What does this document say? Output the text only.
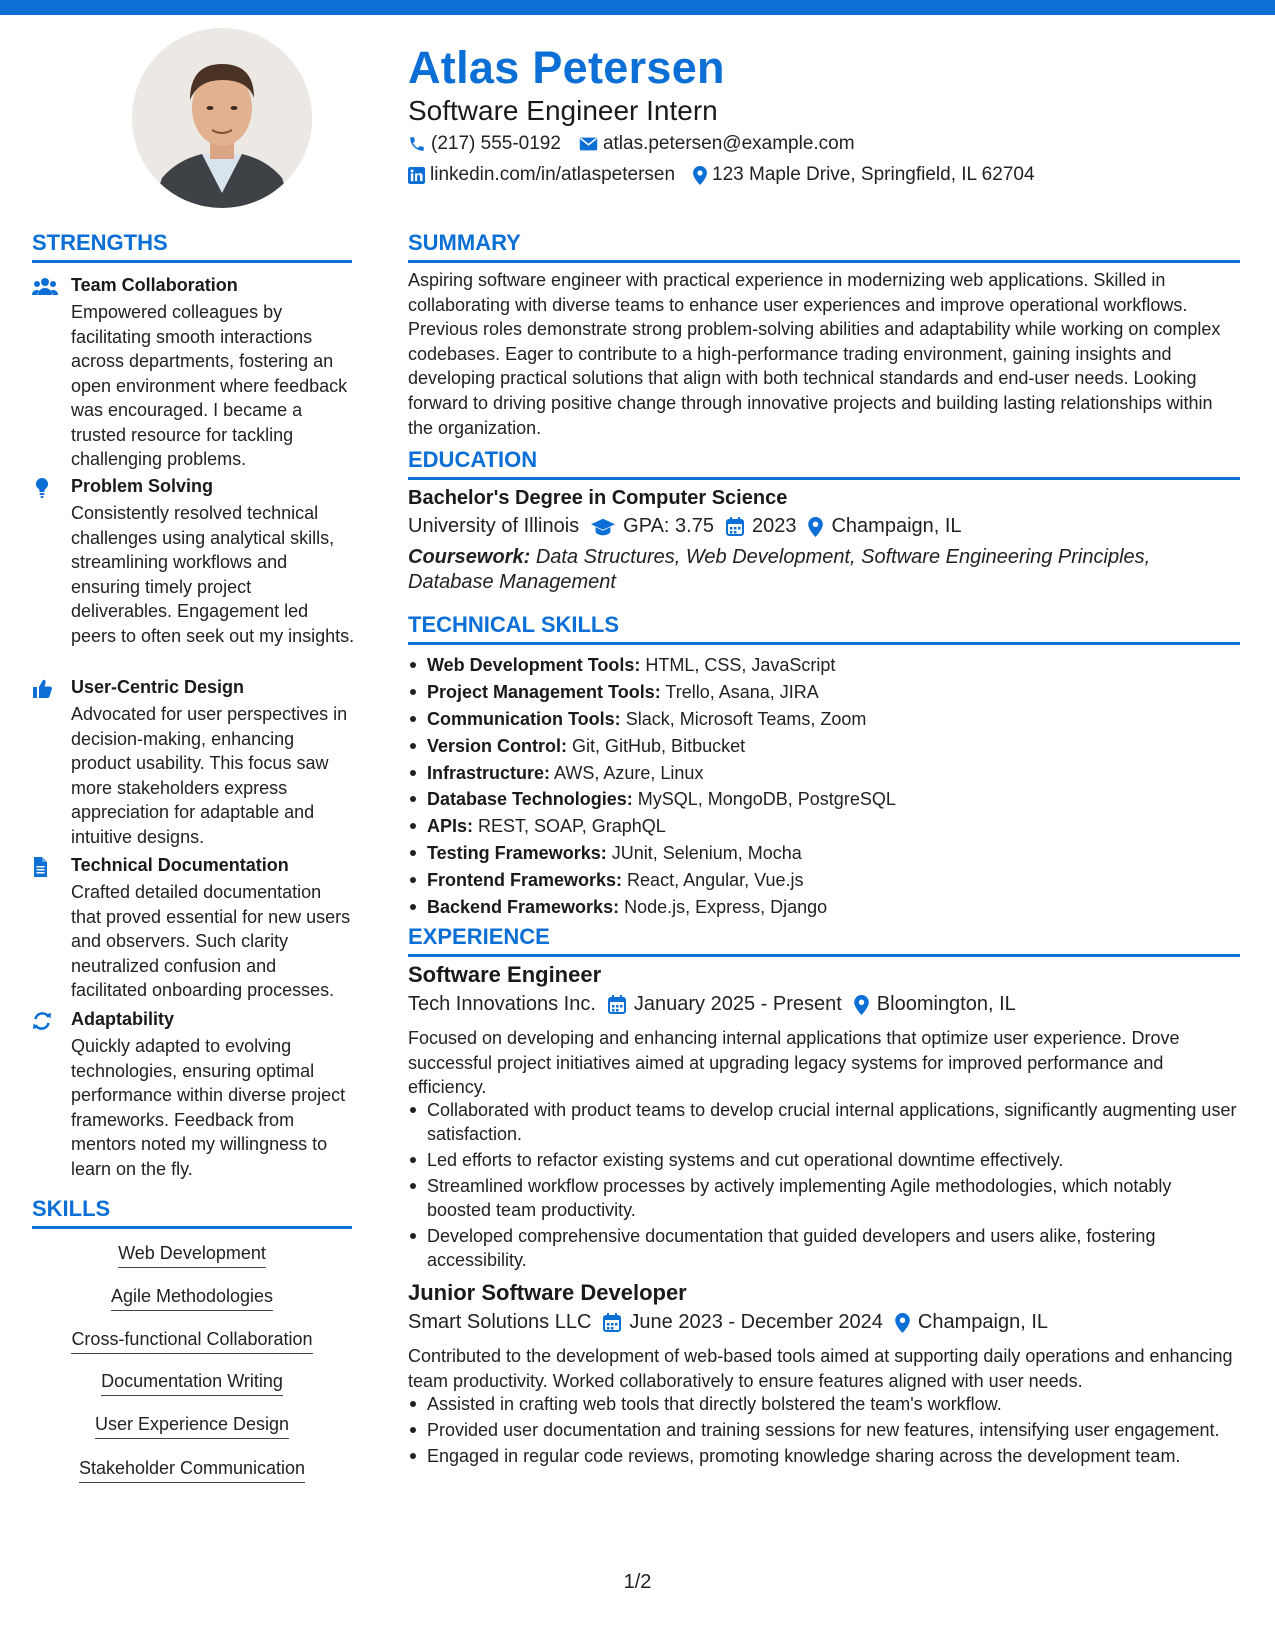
Atlas Petersen
Software Engineer Intern
(217) 555-0192 atlas.petersen@example.com
linkedin.com/in/atlaspetersen 123 Maple Drive, Springfield, IL 62704
STRENGTHS
Team Collaboration
Empowered colleagues by facilitating smooth interactions across departments, fostering an open environment where feedback was encouraged. I became a trusted resource for tackling challenging problems.
Problem Solving
Consistently resolved technical challenges using analytical skills, streamlining workflows and ensuring timely project deliverables. Engagement led peers to often seek out my insights.
User-Centric Design
Advocated for user perspectives in decision-making, enhancing product usability. This focus saw more stakeholders express appreciation for adaptable and intuitive designs.
Technical Documentation
Crafted detailed documentation that proved essential for new users and observers. Such clarity neutralized confusion and facilitated onboarding processes.
Adaptability
Quickly adapted to evolving technologies, ensuring optimal performance within diverse project frameworks. Feedback from mentors noted my willingness to learn on the fly.
SKILLS
Web Development
Agile Methodologies
Cross-functional Collaboration
Documentation Writing
User Experience Design
Stakeholder Communication
SUMMARY
Aspiring software engineer with practical experience in modernizing web applications. Skilled in collaborating with diverse teams to enhance user experiences and improve operational workflows. Previous roles demonstrate strong problem-solving abilities and adaptability while working on complex codebases. Eager to contribute to a high-performance trading environment, gaining insights and developing practical solutions that align with both technical standards and end-user needs. Looking forward to driving positive change through innovative projects and building lasting relationships within the organization.
EDUCATION
Bachelor's Degree in Computer Science
University of Illinois GPA: 3.75 2023 Champaign, IL
Coursework: Data Structures, Web Development, Software Engineering Principles, Database Management
TECHNICAL SKILLS
Web Development Tools: HTML, CSS, JavaScript
Project Management Tools: Trello, Asana, JIRA
Communication Tools: Slack, Microsoft Teams, Zoom
Version Control: Git, GitHub, Bitbucket
Infrastructure: AWS, Azure, Linux
Database Technologies: MySQL, MongoDB, PostgreSQL
APIs: REST, SOAP, GraphQL
Testing Frameworks: JUnit, Selenium, Mocha
Frontend Frameworks: React, Angular, Vue.js
Backend Frameworks: Node.js, Express, Django
EXPERIENCE
Software Engineer
Tech Innovations Inc. January 2025 - Present Bloomington, IL
Focused on developing and enhancing internal applications that optimize user experience. Drove successful project initiatives aimed at upgrading legacy systems for improved performance and efficiency.
Collaborated with product teams to develop crucial internal applications, significantly augmenting user satisfaction.
Led efforts to refactor existing systems and cut operational downtime effectively.
Streamlined workflow processes by actively implementing Agile methodologies, which notably boosted team productivity.
Developed comprehensive documentation that guided developers and users alike, fostering accessibility.
Junior Software Developer
Smart Solutions LLC June 2023 - December 2024 Champaign, IL
Contributed to the development of web-based tools aimed at supporting daily operations and enhancing team productivity. Worked collaboratively to ensure features aligned with user needs.
Assisted in crafting web tools that directly bolstered the team's workflow.
Provided user documentation and training sessions for new features, intensifying user engagement.
Engaged in regular code reviews, promoting knowledge sharing across the development team.
1/2
